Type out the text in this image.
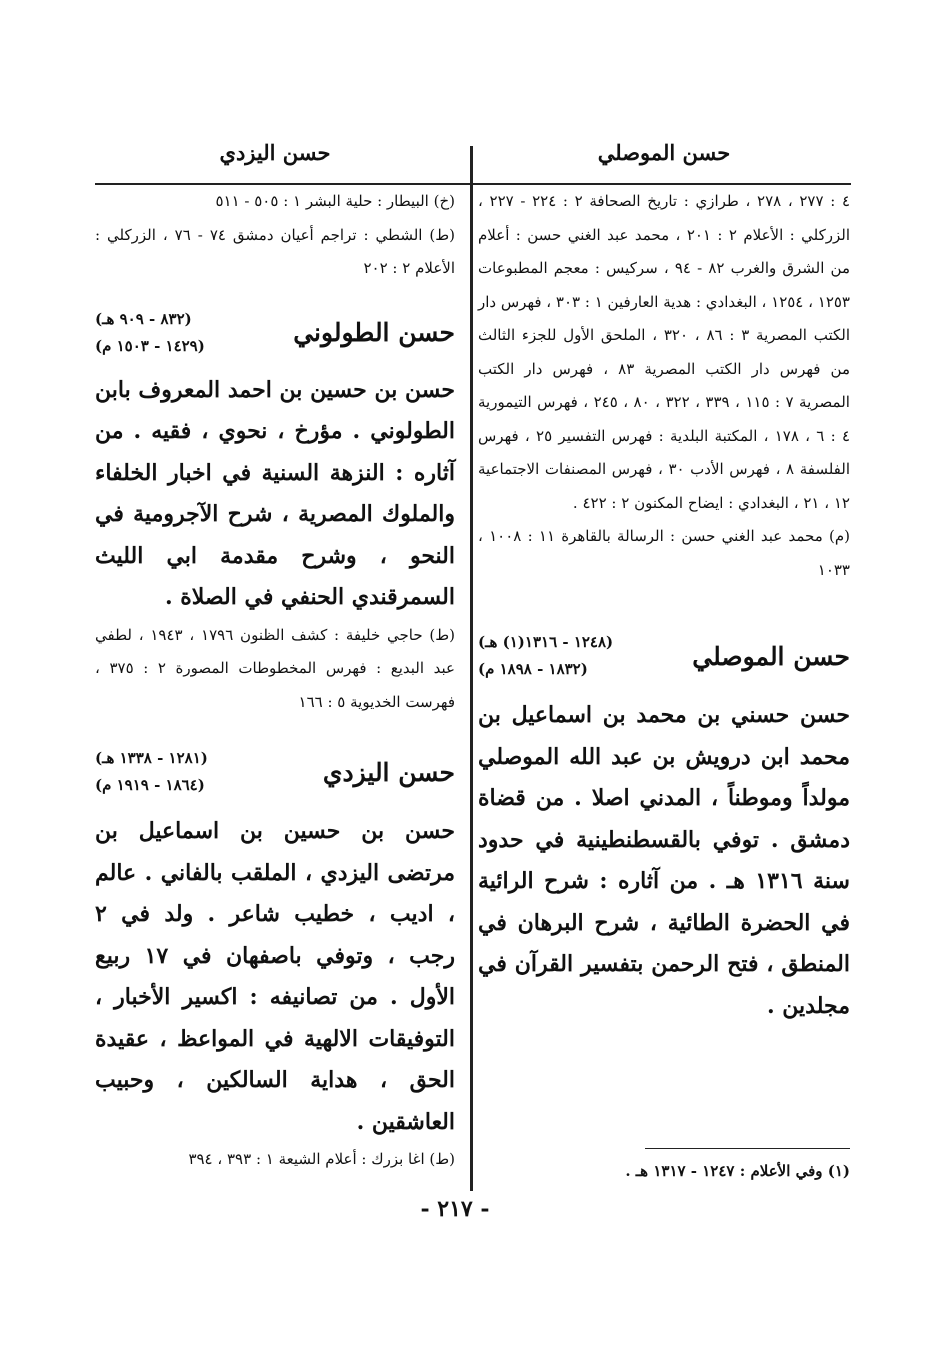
حسن الموصلي
حسن اليزدي

٤ : ٢٧٧ ، ٢٧٨ ، طرازي : تاريخ الصحافة ٢ : ٢٢٤ - ٢٢٧ ، الزركلي : الأعلام ٢ : ٢٠١ ، محمد عبد الغني حسن : أعلام من الشرق والغرب ٨٢ - ٩٤ ، سركيس : معجم المطبوعات ١٢٥٣ ، ١٢٥٤ ، البغدادي : هدية العارفين ١ : ٣٠٣ ، فهرس دار الكتب المصرية ٣ : ٨٦ ، ٣٢٠ ، الملحق الأول للجزء الثالث من فهرس دار الكتب المصرية ٨٣ ، فهرس دار الكتب المصرية ٧ : ١١٥ ، ٣٣٩ ، ٣٢٢ ، ٨٠ ، ٢٤٥ ، فهرس التيمورية ٤ : ٦ ، ١٧٨ ، المكتبة البلدية : فهرس التفسير ٢٥ ، فهرس الفلسفة ٨ ، فهرس الأدب ٣٠ ، فهرس المصنفات الاجتماعية ١٢ ، ٢١ ، البغدادي : ايضاح المكنون ٢ : ٤٢٢ .

(م) محمد عبد الغني حسن : الرسالة بالقاهرة ١١ : ١٠٠٨ ، ١٠٣٣

حسن الموصلي
(١٢٤٨ - ١٣١٦(١) هـ)
(١٨٣٢ - ١٨٩٨ م)

حسن حسني بن محمد بن اسماعيل بن محمد ابن درويش بن عبد الله الموصلي مولداً وموطناً ، المدني اصلا . من قضاة دمشق . توفي بالقسطنطينية في حدود سنة ١٣١٦ هـ . من آثاره : شرح الرائية في الحضرة الطائية ، شرح البرهان في المنطق ، فتح الرحمن بتفسير القرآن في مجلدين .

(١) وفي الأعلام : ١٢٤٧ - ١٣١٧ هـ .

(خ) البيطار : حلية البشر ١ : ٥٠٥ - ٥١١

(ط) الشطي : تراجم أعيان دمشق ٧٤ - ٧٦ ، الزركلي : الأعلام ٢ : ٢٠٢

حسن الطولوني
(٨٣٢ - ٩٠٩ هـ)
(١٤٢٩ - ١٥٠٣ م)

حسن بن حسين بن احمد المعروف بابن الطولوني . مؤرخ ، نحوي ، فقيه . من آثاره : النزهة السنية في اخبار الخلفاء والملوك المصرية ، شرح الآجرومية في النحو ، وشرح مقدمة ابي الليث السمرقندي الحنفي في الصلاة .

(ط) حاجي خليفة : كشف الظنون ١٧٩٦ ، ١٩٤٣ ، لطفي عبد البديع : فهرس المخطوطات المصورة ٢ : ٣٧٥ ، فهرست الخديوية ٥ : ١٦٦

حسن اليزدي
(١٢٨١ - ١٣٣٨ هـ)
(١٨٦٤ - ١٩١٩ م)

حسن بن حسين بن اسماعيل بن مرتضى اليزدي ، الملقب بالفاني . عالم ، اديب ، خطيب شاعر . ولد في ٢ رجب ، وتوفي باصفهان في ١٧ ربيع الأول . من تصانيفه : اكسير الأخبار ، التوفيقات الالهية في المواعظ ، عقيدة الحق ، هداية السالكين ، وحبيب العاشقين .

(ط) اغا بزرك : أعلام الشيعة ١ : ٣٩٣ ، ٣٩٤

- ٢١٧ -
